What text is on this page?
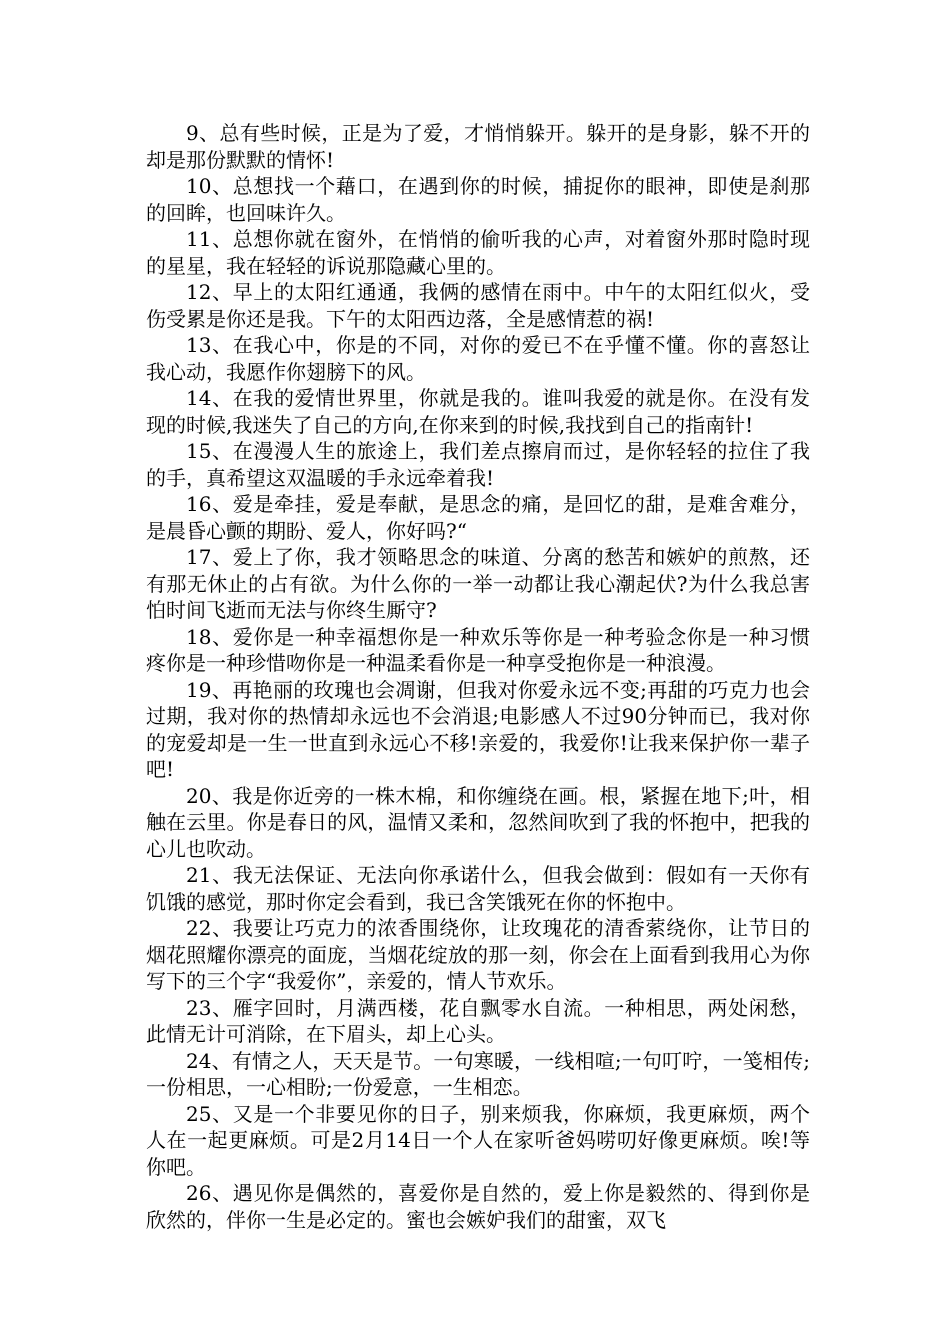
9、总有些时候，正是为了爱，才悄悄躲开。躲开的是身影，躲不开的却是那份默默的情怀!

10、总想找一个藉口，在遇到你的时候，捕捉你的眼神，即使是刹那的回眸，也回味许久。

11、总想你就在窗外，在悄悄的偷听我的心声，对着窗外那时隐时现的星星，我在轻轻的诉说那隐藏心里的。

12、早上的太阳红通通，我俩的感情在雨中。中午的太阳红似火，受伤受累是你还是我。下午的太阳西边落，全是感情惹的祸!

13、在我心中，你是的不同，对你的爱已不在乎懂不懂。你的喜怒让我心动，我愿作你翅膀下的风。

14、在我的爱情世界里，你就是我的。谁叫我爱的就是你。在没有发现的时候,我迷失了自己的方向,在你来到的时候,我找到自己的指南针!

15、在漫漫人生的旅途上，我们差点擦肩而过，是你轻轻的拉住了我的手，真希望这双温暖的手永远牵着我!

16、爱是牵挂，爱是奉献，是思念的痛，是回忆的甜，是难舍难分，是晨昏心颤的期盼、爱人，你好吗?“

17、爱上了你，我才领略思念的味道、分离的愁苦和嫉妒的煎熬，还有那无休止的占有欲。为什么你的一举一动都让我心潮起伏?为什么我总害怕时间飞逝而无法与你终生厮守?

18、爱你是一种幸福想你是一种欢乐等你是一种考验念你是一种习惯疼你是一种珍惜吻你是一种温柔看你是一种享受抱你是一种浪漫。

19、再艳丽的玫瑰也会凋谢，但我对你爱永远不变;再甜的巧克力也会过期，我对你的热情却永远也不会消退;电影感人不过90分钟而已，我对你的宠爱却是一生一世直到永远心不移!亲爱的，我爱你!让我来保护你一辈子吧!

20、我是你近旁的一株木棉，和你缠绕在画。根，紧握在地下;叶，相触在云里。你是春日的风，温情又柔和，忽然间吹到了我的怀抱中，把我的心儿也吹动。

21、我无法保证、无法向你承诺什么，但我会做到：假如有一天你有饥饿的感觉，那时你定会看到，我已含笑饿死在你的怀抱中。

22、我要让巧克力的浓香围绕你，让玫瑰花的清香萦绕你，让节日的烟花照耀你漂亮的面庞，当烟花绽放的那一刻，你会在上面看到我用心为你写下的三个字“我爱你”，亲爱的，情人节欢乐。

23、雁字回时，月满西楼，花自飘零水自流。一种相思，两处闲愁，此情无计可消除，在下眉头，却上心头。

24、有情之人，天天是节。一句寒暖，一线相喧;一句叮咛，一笺相传;一份相思，一心相盼;一份爱意，一生相恋。

25、又是一个非要见你的日子，别来烦我，你麻烦，我更麻烦，两个人在一起更麻烦。可是2月14日一个人在家听爸妈唠叨好像更麻烦。唉!等你吧。

26、遇见你是偶然的，喜爱你是自然的，爱上你是毅然的、得到你是欣然的，伴你一生是必定的。蜜也会嫉妒我们的甜蜜，双飞
